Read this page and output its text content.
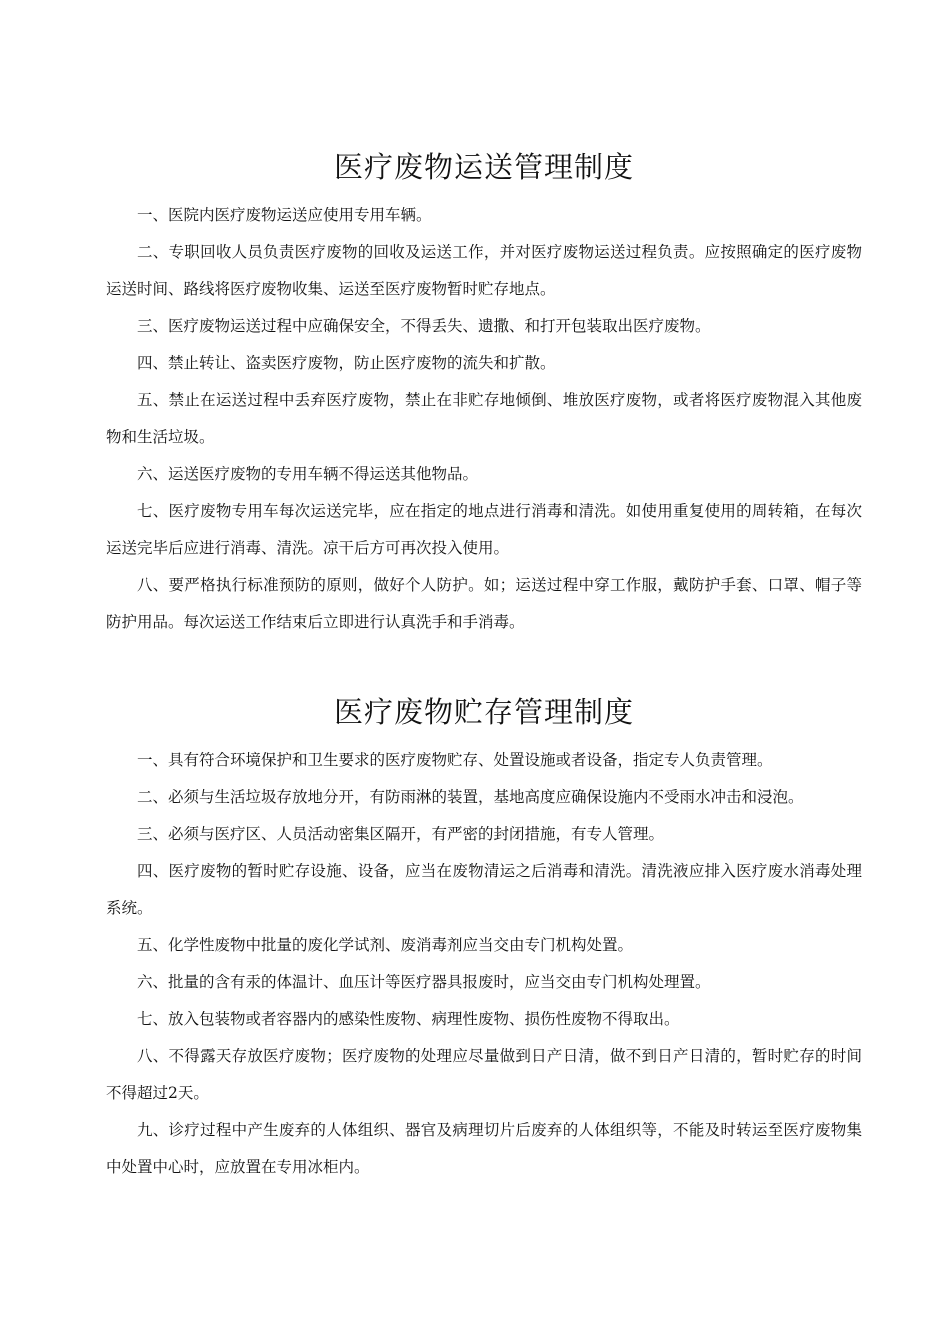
医疗废物运送管理制度

一、医院内医疗废物运送应使用专用车辆。

二、专职回收人员负责医疗废物的回收及运送工作，并对医疗废物运送过程负责。应按照确定的医疗废物运送时间、路线将医疗废物收集、运送至医疗废物暂时贮存地点。

三、医疗废物运送过程中应确保安全，不得丢失、遗撒、和打开包装取出医疗废物。

四、禁止转让、盗卖医疗废物，防止医疗废物的流失和扩散。

五、禁止在运送过程中丢弃医疗废物，禁止在非贮存地倾倒、堆放医疗废物，或者将医疗废物混入其他废物和生活垃圾。

六、运送医疗废物的专用车辆不得运送其他物品。

七、医疗废物专用车每次运送完毕，应在指定的地点进行消毒和清洗。如使用重复使用的周转箱，在每次运送完毕后应进行消毒、清洗。凉干后方可再次投入使用。

八、要严格执行标准预防的原则，做好个人防护。如；运送过程中穿工作服，戴防护手套、口罩、帽子等防护用品。每次运送工作结束后立即进行认真洗手和手消毒。

医疗废物贮存管理制度

一、具有符合环境保护和卫生要求的医疗废物贮存、处置设施或者设备，指定专人负责管理。

二、必须与生活垃圾存放地分开，有防雨淋的装置，基地高度应确保设施内不受雨水冲击和浸泡。

三、必须与医疗区、人员活动密集区隔开，有严密的封闭措施，有专人管理。

四、医疗废物的暂时贮存设施、设备，应当在废物清运之后消毒和清洗。清洗液应排入医疗废水消毒处理系统。

五、化学性废物中批量的废化学试剂、废消毒剂应当交由专门机构处置。

六、批量的含有汞的体温计、血压计等医疗器具报废时，应当交由专门机构处理置。

七、放入包装物或者容器内的感染性废物、病理性废物、损伤性废物不得取出。

八、不得露天存放医疗废物；医疗废物的处理应尽量做到日产日清，做不到日产日清的，暂时贮存的时间不得超过2天。

九、诊疗过程中产生废弃的人体组织、器官及病理切片后废弃的人体组织等，不能及时转运至医疗废物集中处置中心时，应放置在专用冰柜内。
